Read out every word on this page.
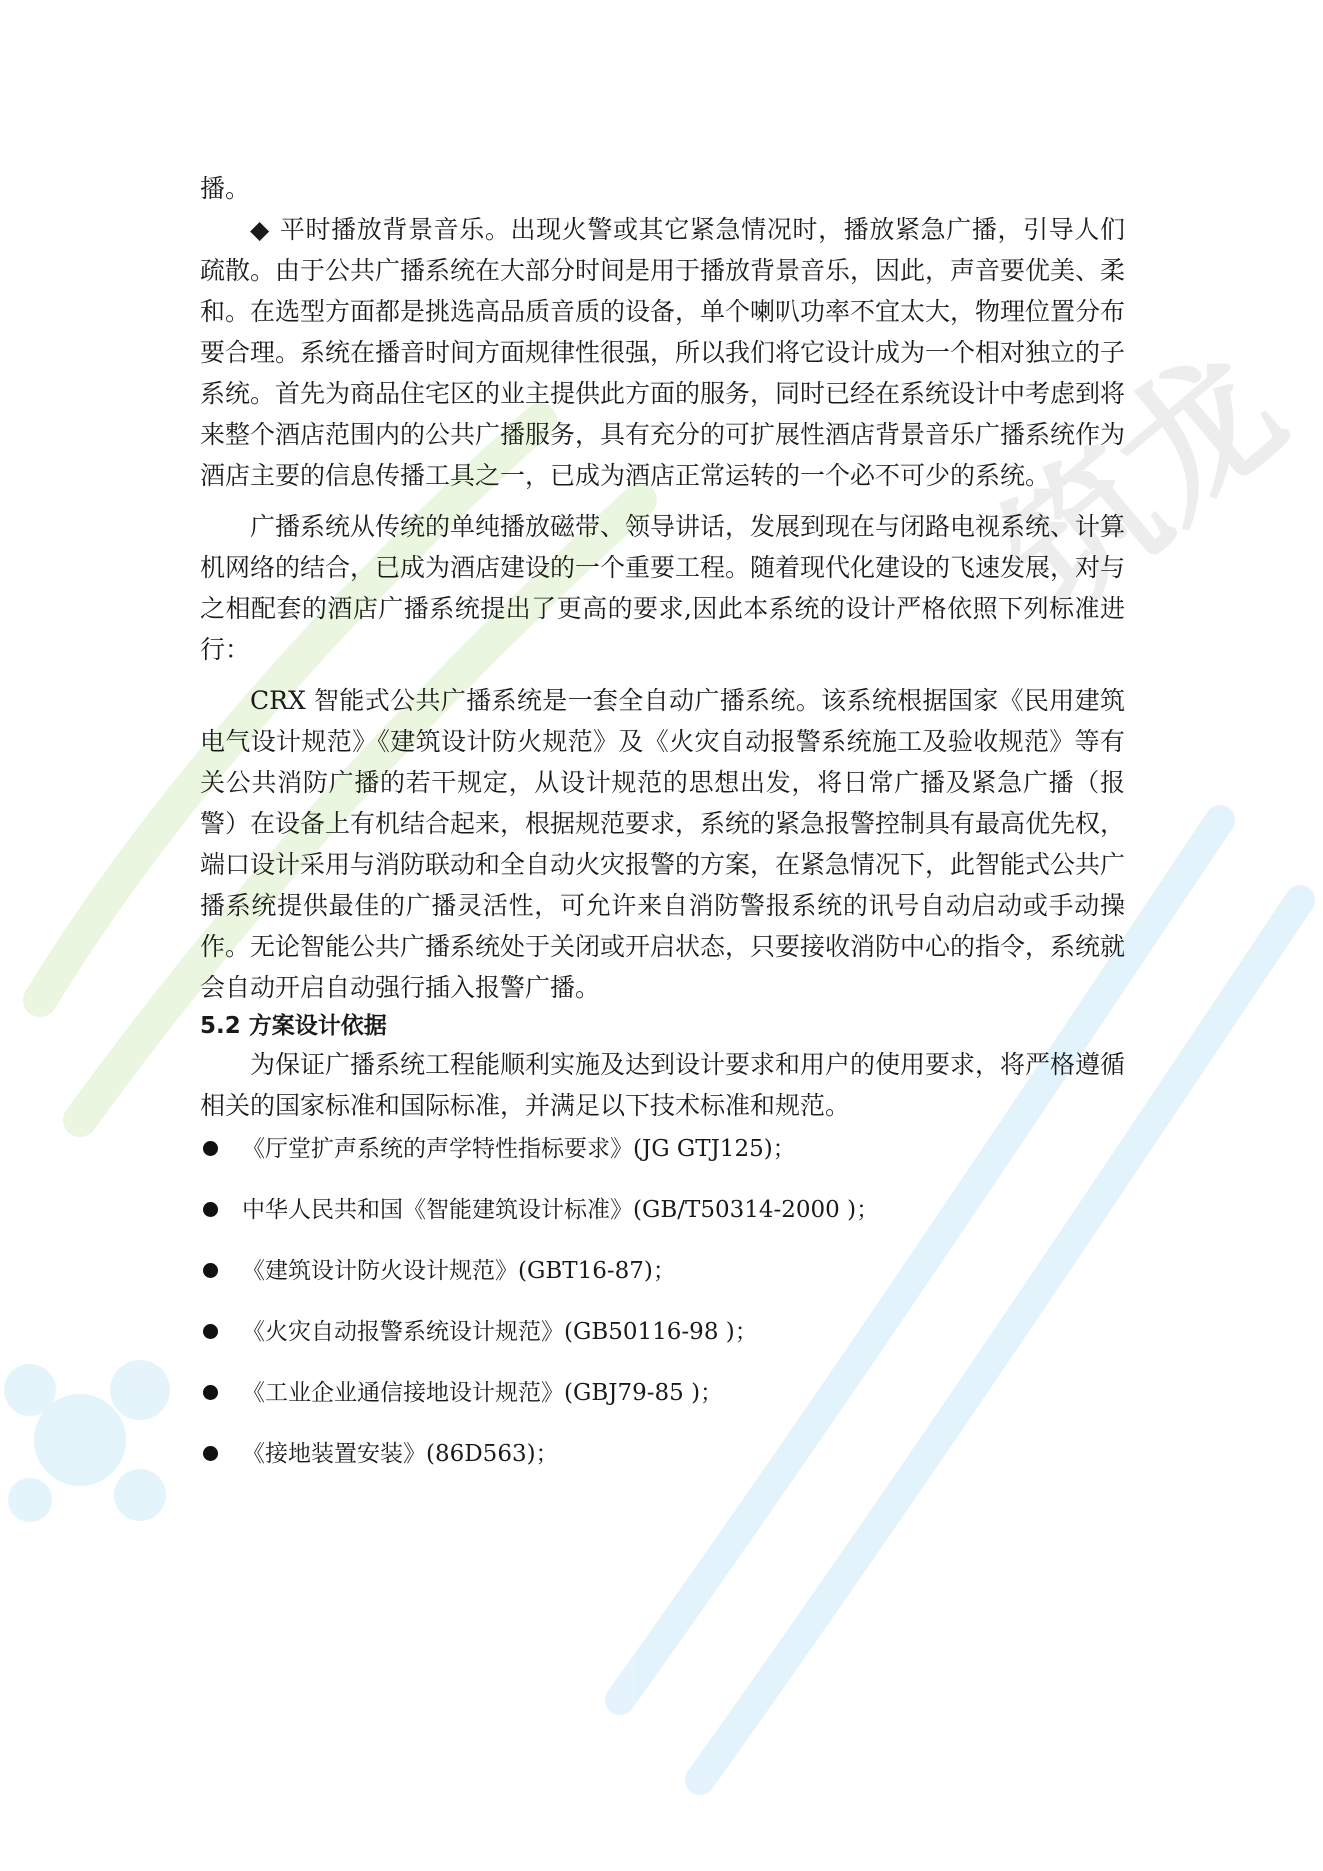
筑龙

播。

◆ 平时播放背景音乐。出现火警或其它紧急情况时，播放紧急广播，引导人们疏散。由于公共广播系统在大部分时间是用于播放背景音乐，因此，声音要优美、柔和。在选型方面都是挑选高品质音质的设备，单个喇叭功率不宜太大，物理位置分布要合理。系统在播音时间方面规律性很强，所以我们将它设计成为一个相对独立的子系统。首先为商品住宅区的业主提供此方面的服务，同时已经在系统设计中考虑到将来整个酒店范围内的公共广播服务，具有充分的可扩展性酒店背景音乐广播系统作为酒店主要的信息传播工具之一，已成为酒店正常运转的一个必不可少的系统。

广播系统从传统的单纯播放磁带、领导讲话，发展到现在与闭路电视系统、计算机网络的结合，已成为酒店建设的一个重要工程。随着现代化建设的飞速发展，对与之相配套的酒店广播系统提出了更高的要求,因此本系统的设计严格依照下列标准进行：

CRX 智能式公共广播系统是一套全自动广播系统。该系统根据国家《民用建筑电气设计规范》《建筑设计防火规范》及《火灾自动报警系统施工及验收规范》等有关公共消防广播的若干规定，从设计规范的思想出发，将日常广播及紧急广播（报警）在设备上有机结合起来，根据规范要求，系统的紧急报警控制具有最高优先权，端口设计采用与消防联动和全自动火灾报警的方案，在紧急情况下，此智能式公共广播系统提供最佳的广播灵活性，可允许来自消防警报系统的讯号自动启动或手动操作。无论智能公共广播系统处于关闭或开启状态，只要接收消防中心的指令，系统就会自动开启自动强行插入报警广播。

5.2 方案设计依据

为保证广播系统工程能顺利实施及达到设计要求和用户的使用要求，将严格遵循相关的国家标准和国际标准，并满足以下技术标准和规范。

《厅堂扩声系统的声学特性指标要求》(JG GTJ125)；
中华人民共和国《智能建筑设计标准》(GB/T50314-2000 )；
《建筑设计防火设计规范》(GBT16-87)；
《火灾自动报警系统设计规范》(GB50116-98 )；
《工业企业通信接地设计规范》(GBJ79-85 )；
《接地装置安装》(86D563)；
